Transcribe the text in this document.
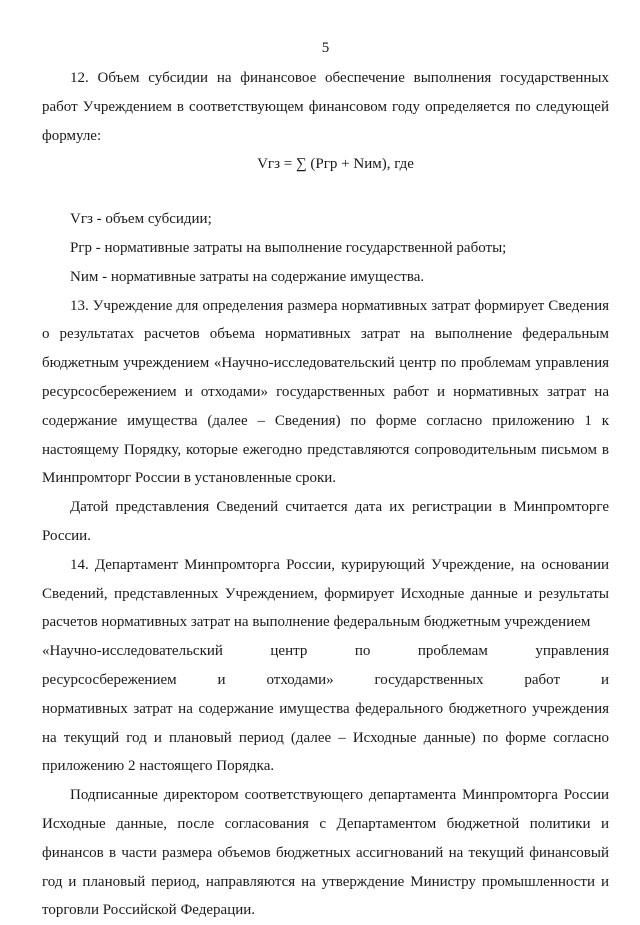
5

12. Объем субсидии на финансовое обеспечение выполнения государственных работ Учреждением в соответствующем финансовом году определяется по следующей формуле:

Vгз = ∑ (Ргр + Nим), где

Vгз - объем субсидии;

Ргр - нормативные затраты на выполнение государственной работы;

Nим - нормативные затраты на содержание имущества.

13. Учреждение для определения размера нормативных затрат формирует Сведения о результатах расчетов объема нормативных затрат на выполнение федеральным бюджетным учреждением «Научно-исследовательский центр по проблемам управления ресурсосбережением и отходами» государственных работ и нормативных затрат на содержание имущества (далее – Сведения) по форме согласно приложению 1 к настоящему Порядку, которые ежегодно представляются сопроводительным письмом в Минпромторг России в установленные сроки.

Датой представления Сведений считается дата их регистрации в Минпромторге России.

14. Департамент Минпромторга России, курирующий Учреждение, на основании Сведений, представленных Учреждением, формирует Исходные данные и результаты расчетов нормативных затрат на выполнение федеральным бюджетным учреждением

«Научно-исследовательский	центр	по	проблемам	управления
ресурсосбережением	и	отходами»	государственных	работ	и

нормативных затрат на содержание имущества федерального бюджетного учреждения на текущий год и плановый период (далее – Исходные данные) по форме согласно приложению 2 настоящего Порядка.

Подписанные директором соответствующего департамента Минпромторга России Исходные данные, после согласования с Департаментом бюджетной политики и финансов в части размера объемов бюджетных ассигнований на текущий финансовый год и плановый период, направляются на утверждение Министру промышленности и торговли Российской Федерации.
